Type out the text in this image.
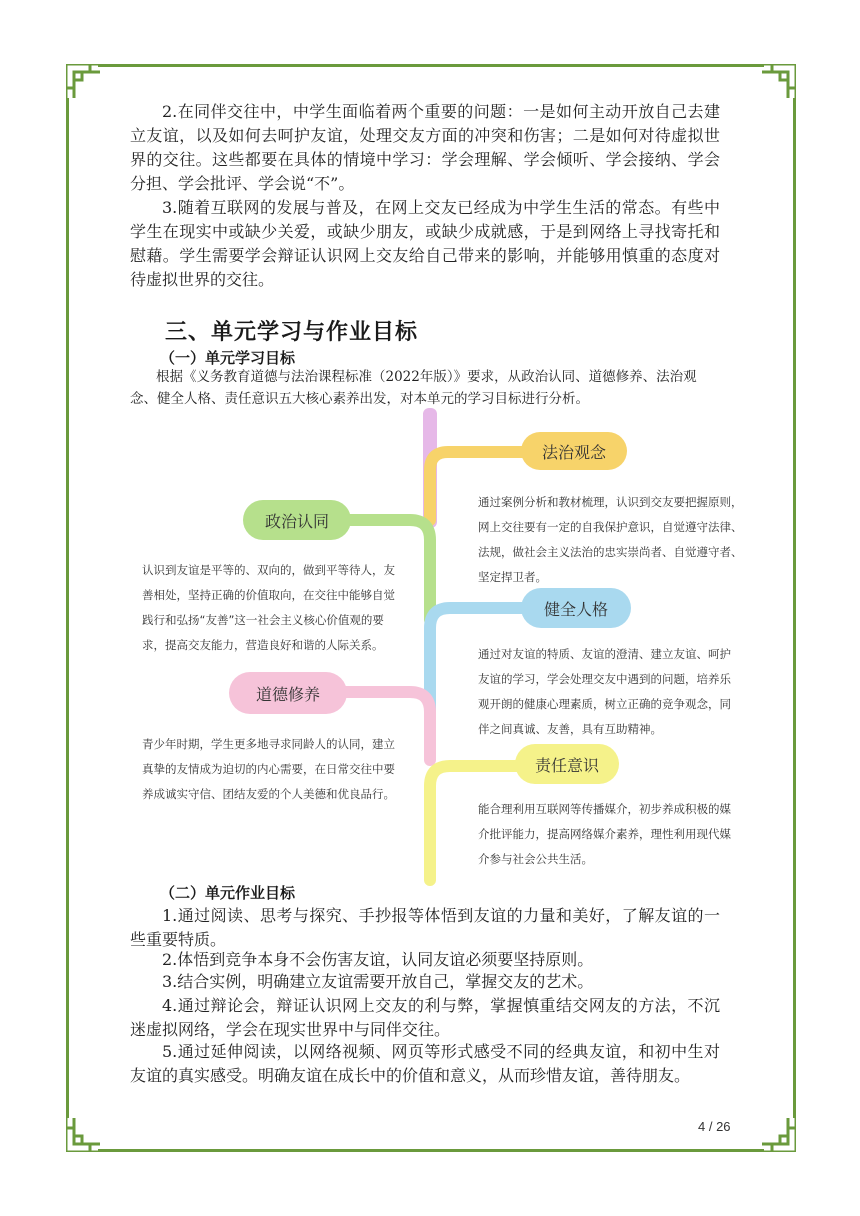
2.在同伴交往中，中学生面临着两个重要的问题：一是如何主动开放自己去建立友谊，以及如何去呵护友谊，处理交友方面的冲突和伤害；二是如何对待虚拟世界的交往。这些都要在具体的情境中学习：学会理解、学会倾听、学会接纳、学会分担、学会批评、学会说“不”。
3.随着互联网的发展与普及，在网上交友已经成为中学生生活的常态。有些中学生在现实中或缺少关爱，或缺少朋友，或缺少成就感，于是到网络上寻找寄托和慰藉。学生需要学会辩证认识网上交友给自己带来的影响，并能够用慎重的态度对待虚拟世界的交往。
三、单元学习与作业目标
（一）单元学习目标
根据《义务教育道德与法治课程标准（2022年版）》要求，从政治认同、道德修养、法治观念、健全人格、责任意识五大核心素养出发，对本单元的学习目标进行分析。
法治观念
通过案例分析和教材梳理，认识到交友要把握原则，
网上交往要有一定的自我保护意识，自觉遵守法律、
法规，做社会主义法治的忠实崇尚者、自觉遵守者、
坚定捍卫者。
政治认同
认识到友谊是平等的、双向的，做到平等待人，友
善相处，坚持正确的价值取向，在交往中能够自觉
践行和弘扬“友善”这一社会主义核心价值观的要
求，提高交友能力，营造良好和谐的人际关系。
健全人格
通过对友谊的特质、友谊的澄清、建立友谊、呵护
友谊的学习，学会处理交友中遇到的问题，培养乐
观开朗的健康心理素质，树立正确的竞争观念，同
伴之间真诚、友善，具有互助精神。
道德修养
青少年时期，学生更多地寻求同龄人的认同，建立
真挚的友情成为迫切的内心需要，在日常交往中要
养成诚实守信、团结友爱的个人美德和优良品行。
责任意识
能合理利用互联网等传播媒介，初步养成积极的媒
介批评能力，提高网络媒介素养，理性利用现代媒
介参与社会公共生活。
（二）单元作业目标
1.通过阅读、思考与探究、手抄报等体悟到友谊的力量和美好，了解友谊的一些重要特质。
2.体悟到竞争本身不会伤害友谊，认同友谊必须要坚持原则。
3.结合实例，明确建立友谊需要开放自己，掌握交友的艺术。
4.通过辩论会，辩证认识网上交友的利与弊，掌握慎重结交网友的方法，不沉迷虚拟网络，学会在现实世界中与同伴交往。
5.通过延伸阅读，以网络视频、网页等形式感受不同的经典友谊，和初中生对友谊的真实感受。明确友谊在成长中的价值和意义，从而珍惜友谊，善待朋友。
4 / 26
